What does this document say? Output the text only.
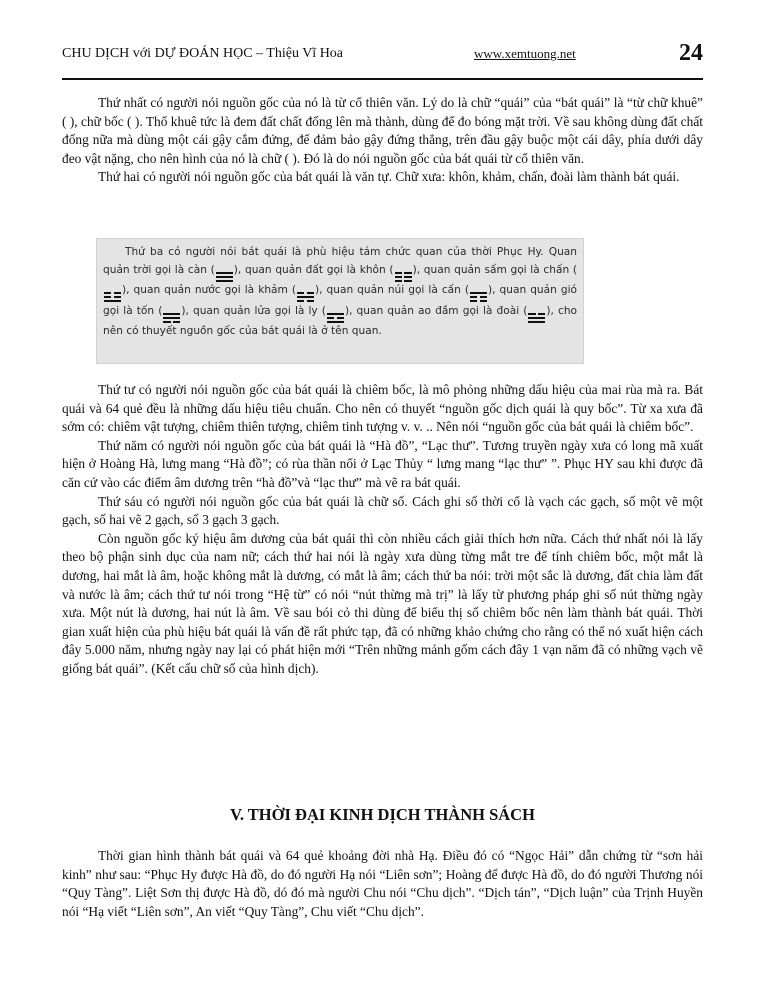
CHU DỊCH với DỰ ĐOÁN HỌC – Thiệu Vĩ Hoa	www.xemtuong.net	24

Thứ nhất có người nói nguồn gốc của nó là từ cổ thiên văn. Lý do là chữ “quái” của “bát quái” là “từ chữ khuê” ( ), chữ bốc ( ). Thổ khuê tức là đem đất chất đống lên mà thành, dùng để đo bóng mặt trời. Về sau không dùng đất chất đống nữa mà dùng một cái gậy cắm đứng, để đảm bảo gậy đứng thẳng, trên đầu gậy buộc một cái dây, phía dưới dây đeo vật nặng, cho nên hình của nó là chữ ( ). Đó là do nói nguồn gốc của bát quái từ cổ thiên văn.

Thứ hai có người nói nguồn gốc của bát quái là văn tự. Chữ xưa: khôn, khảm, chấn, đoài làm thành bát quái.

Thứ ba có người nói bát quái là phù hiệu tám chức quan của thời Phục Hy. Quan quản trời gọi là càn ( ), quan quản đất gọi là khôn ( ), quan quản sấm gọi là chấn (
), quan quản nước gọi là khảm ( ), quan quản núi gọi là cấn ( ), quan quản gió gọi là tốn ( ), quan quản lửa gọi là ly ( ), quan quản ao đầm gọi là đoài ( ), cho nên có thuyết nguồn gốc của bát quái là ở tên quan.

Thứ tư có người nói nguồn gốc của bát quái là chiêm bốc, là mô phỏng những dấu hiệu của mai rùa mà ra. Bát quái và 64 quẻ đều là những dấu hiệu tiêu chuẩn. Cho nên có thuyết “nguồn gốc dịch quái là quy bốc”. Từ xa xưa đã sớm có: chiêm vật tượng, chiêm thiên tượng, chiêm tinh tượng v. v. .. Nên nói “nguồn gốc của bát quái là chiêm bốc”.

Thứ năm có người nói nguồn gốc của bát quái là “Hà đồ”, “Lạc thư”. Tương truyền ngày xưa có long mã xuất hiện ở Hoàng Hà, lưng mang “Hà đồ”; có rùa thần nổi ở Lạc Thủy “ lưng mang “lạc thư” ”. Phục HY sau khi được đã căn cứ vào các điểm âm dương trên “hà đồ”và “lạc thư” mà vẽ ra bát quái.

Thứ sáu có người nói nguồn gốc của bát quái là chữ số. Cách ghi số thời cổ là vạch các gạch, số một vẽ một gạch, số hai vẽ 2 gạch, số 3 gạch 3 gạch.

Còn nguồn gốc ký hiệu âm dương của bát quái thì còn nhiều cách giải thích hơn nữa. Cách thứ nhất nói là lấy theo bộ phận sinh dục của nam nữ; cách thứ hai nói là ngày xưa dùng từng mắt tre để tính chiêm bốc, một mắt là dương, hai mắt là âm, hoặc không mắt là dương, có mắt là âm; cách thứ ba nói: trời một sắc là dương, đất chia làm đất và nước là âm; cách thứ tư nói trong “Hệ từ” có nói “nút thừng mà trị” là lấy từ phương pháp ghi số nút thừng ngày xưa. Một nút là dương, hai nút là âm. Về sau bói cỏ thi dùng để biểu thị số chiêm bốc nên làm thành bát quái. Thời gian xuất hiện của phù hiệu bát quái là vấn đề rất phức tạp, đã có những khảo chứng cho rằng có thể nó xuất hiện cách đây 5.000 năm, nhưng ngày nay lại có phát hiện mới “Trên những mảnh gốm cách đây 1 vạn năm đã có những vạch vẽ giống bát quái”. (Kết cấu chữ số của hình dịch).

V. THỜI ĐẠI KINH DỊCH THÀNH SÁCH

Thời gian hình thành bát quái và 64 quẻ khoảng đời nhà Hạ. Điều đó có “Ngọc Hải” dẫn chứng từ “sơn hải kinh” như sau: “Phục Hy được Hà đồ, do đó người Hạ nói “Liên sơn”; Hoàng đế được Hà đồ, do đó người Thương nói “Quy Tàng”. Liệt Sơn thị được Hà đồ, dó đó mà người Chu nói “Chu dịch”. “Dịch tán”, “Dịch luận” của Trịnh Huyền nói “Hạ viết “Liên sơn”, An viết “Quy Tàng”, Chu viết “Chu dịch”.
